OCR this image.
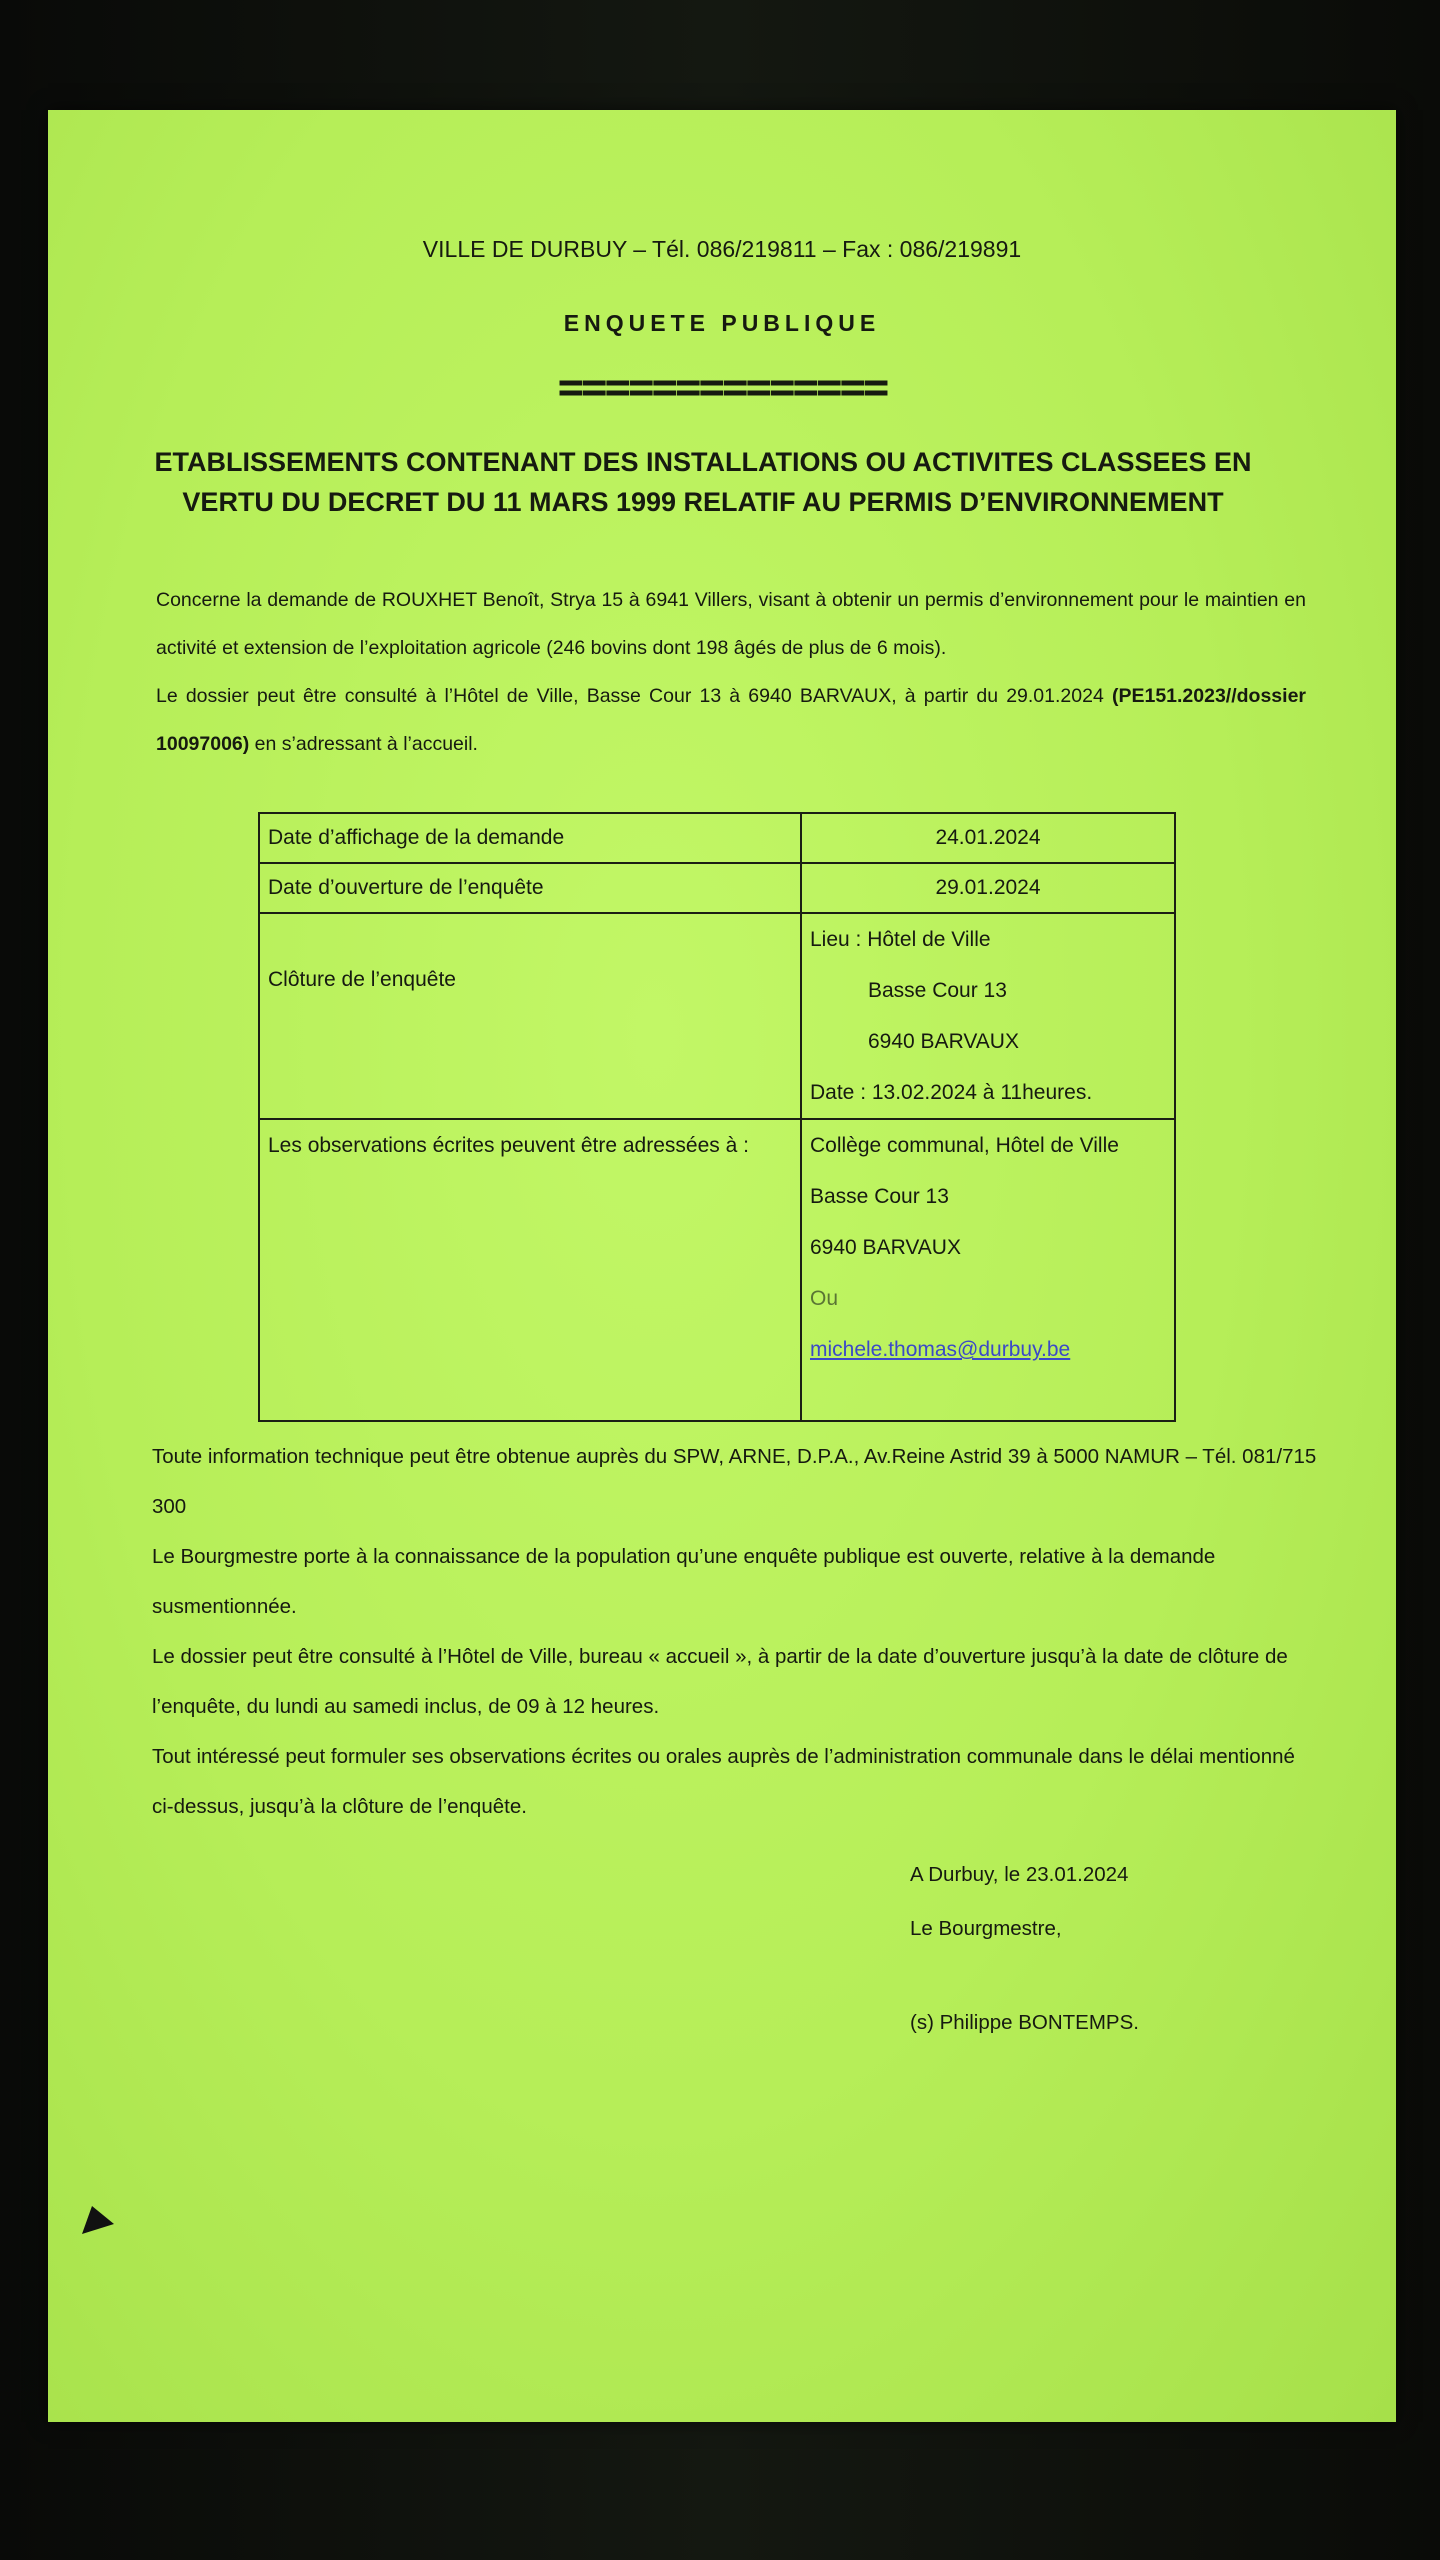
VILLE DE DURBUY – Tél. 086/219811 – Fax : 086/219891
ENQUETE PUBLIQUE
==============
ETABLISSEMENTS CONTENANT DES INSTALLATIONS OU ACTIVITES CLASSEES EN
VERTU DU DECRET DU 11 MARS 1999 RELATIF AU PERMIS D’ENVIRONNEMENT

Concerne la demande de ROUXHET Benoît, Strya 15 à 6941 Villers, visant à obtenir un permis d’environnement pour le maintien en activité et extension de l’exploitation agricole (246 bovins dont 198 âgés de plus de 6 mois).

Le dossier peut être consulté à l’Hôtel de Ville, Basse Cour 13 à 6940 BARVAUX, à partir du 29.01.2024 (PE151.2023//dossier 10097006) en s’adressant à l’accueil.

Date d’affichage de la demande	24.01.2024
Date d’ouverture de l’enquête	29.01.2024

Clôture de l’enquête	Lieu : Hôtel de Ville
Basse Cour 13
6940 BARVAUX
Date : 13.02.2024 à 11heures.

Les observations écrites peuvent être adressées à :	Collège communal, Hôtel de Ville
Basse Cour 13
6940 BARVAUX
Ou
michele.thomas@durbuy.be

Toute information technique peut être obtenue auprès du SPW, ARNE, D.P.A., Av.Reine Astrid 39 à 5000 NAMUR – Tél. 081/715 300

Le Bourgmestre porte à la connaissance de la population qu’une enquête publique est ouverte, relative à la demande susmentionnée.

Le dossier peut être consulté à l’Hôtel de Ville, bureau « accueil », à partir de la date d’ouverture jusqu’à la date de clôture de l’enquête, du lundi au samedi inclus, de 09 à 12 heures.

Tout intéressé peut formuler ses observations écrites ou orales auprès de l’administration communale dans le délai mentionné ci-dessus, jusqu’à la clôture de l’enquête.

A Durbuy, le 23.01.2024
Le Bourgmestre,
(s) Philippe BONTEMPS.
